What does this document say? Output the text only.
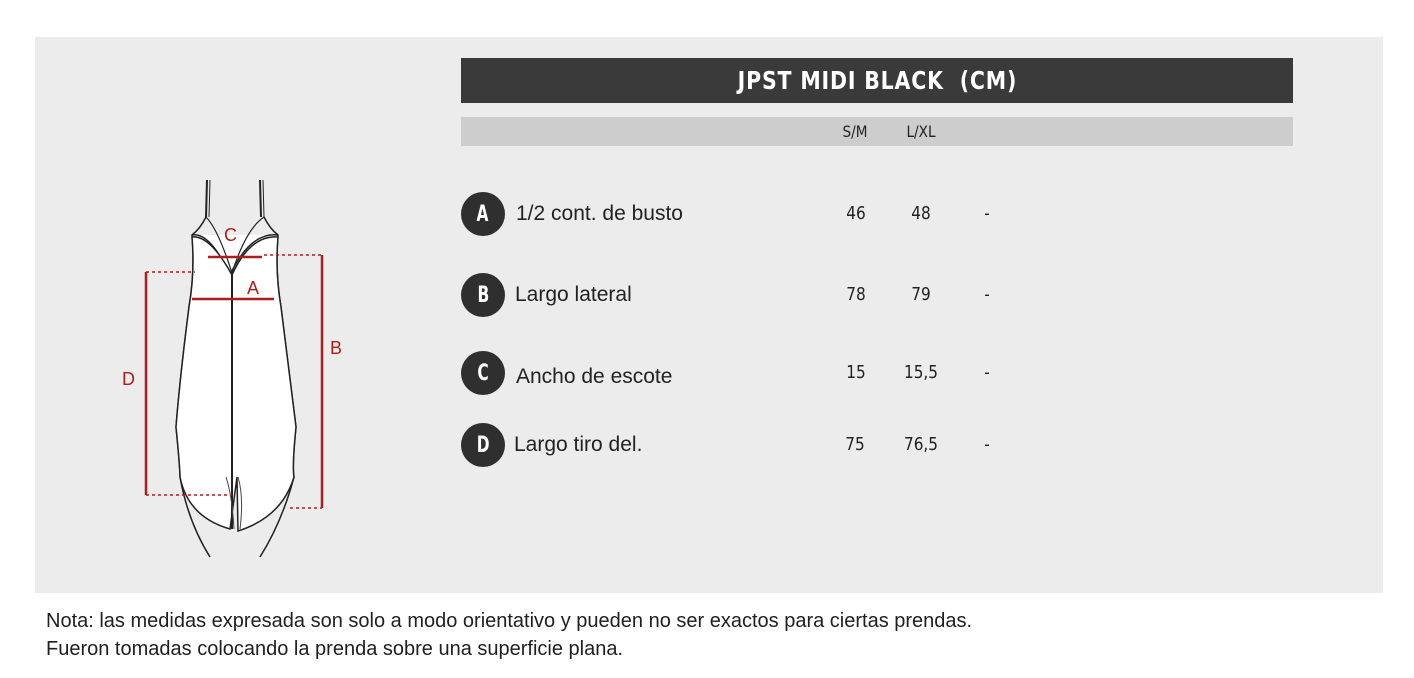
A
C
B
D
JPST MIDI BLACK  (CM)
S/M	L/XL
A 1/2 cont. de busto	46	48	-
B Largo lateral	78	79	-
C Ancho de escote	15	15,5	-
D Largo tiro del.	75	76,5	-
Nota: las medidas expresada son solo a modo orientativo y pueden no ser exactos para ciertas prendas.
Fueron tomadas colocando la prenda sobre una superficie plana.
